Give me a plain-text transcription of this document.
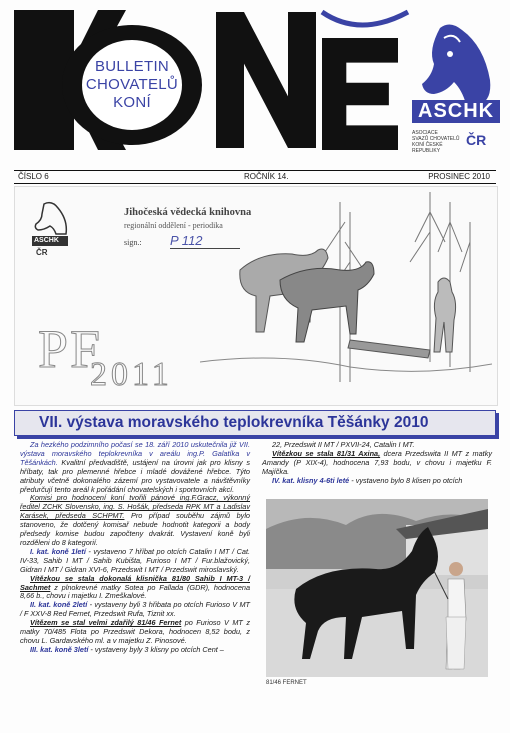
BULLETIN
CHOVATELŮ
KONÍ	ASCHK
ASOCIACE
SVAZŮ CHOVATELŮ
KONÍ ČESKÉ REPUBLIKY
ČR
ČÍSLO 6	ROČNÍK 14.	PROSINEC 2010
ASCHK
ČR
Jihočeská vědecká knihovna
regionální oddělení - periodika
sign.: P 112
PF
2011
VII. výstava moravského teplokrevníka Těšánky 2010

Za hezkého podzimního počasí se 18. září 2010 uskutečnila již VII. výstava moravského teplokrevníka v areálu ing.P. Galatíka v Těšánkách. Kvalitní předvadiště, ustájení na úrovni jak pro klisny s hříbaty, tak pro plemenné hřebce i mladé dovážené hřebce. Týto atributy včetně dokonalého zázemí pro vystavovatele a návštěvníky předurčují tento areál k pořádání chovatelských i sportovních akcí.

Komisi pro hodnocení koní tvořili pánové ing.F.Gracz, výkonný ředitel ZCHK Slovensko, ing. S. Hošák, předseda RPK MT a Ladislav Karásek, předseda SCHPMT. Pro případ souběhu zájmů bylo stanoveno, že dotčený komisař nebude hodnotit kategorii a body předsedy komise budou započteny dvakrát. Vystavení koně byli rozděleni do 8 kategorií.

I. kat. koně 1letí - vystaveno 7 hříbat po otcích Catalin I MT / Cat. IV-33, Sahib I MT / Sahib Kubišta, Furioso I MT / Fur.blažovický, Gidran I MT / Gidran XVI-6, Przedswit I MT / Przedswit miroslavský.

Vítězkou se stala dokonalá klisnička 81/80 Sahib I MT-3 / Sachmet z plnokrevné matky Sotea po Fallada (GDR), hodnocena 8,66 b., chovu i majetku I. Zmeškalové.

II. kat. koně 2letí - vystaveny byli 3 hřibata po otcích Furioso V MT / F XXV-8 Red Fernet, Przedswit Rufa, Tiznit xx.

Vítězem se stal velmi zdařilý 81/46 Fernet po Furioso V MT z matky 70/485 Flota po Przedswit Dekora, hodnocen 8,52 bodu, z chovu L. Gardavského ml. a v majetku Z. Pinosové.

III. kat. koně 3letí - vystaveny byly 3 klisny po otcích Cent –

22, Przedswit II MT / PXVII-24, Catalin I MT.

Vítězkou se stala 81/31 Axina, dcera Przedswita II MT z matky Amandy (P XIX-4), hodnocena 7,93 bodu, v chovu i majetku F. Majíčka.

IV. kat. klisny 4-6ti leté - vystaveno bylo 8 klisen po otcích

81/46 FERNET
